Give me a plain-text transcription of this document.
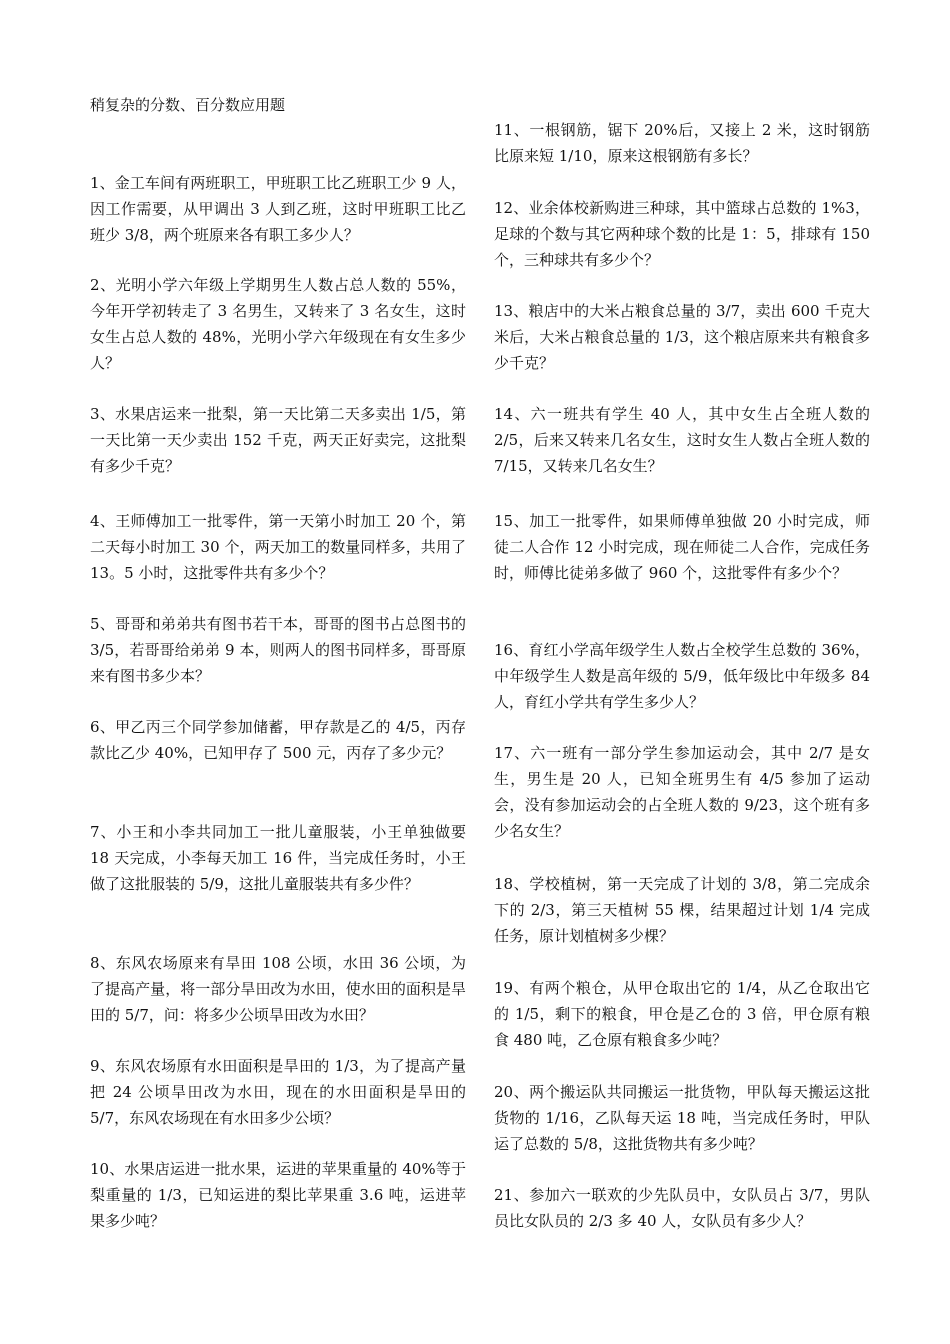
稍复杂的分数、百分数应用题

1、金工车间有两班职工，甲班职工比乙班职工少 9 人，因工作需要，从甲调出 3 人到乙班，这时甲班职工比乙班少 3/8，两个班原来各有职工多少人？

2、光明小学六年级上学期男生人数占总人数的 55%，今年开学初转走了 3 名男生，又转来了 3 名女生，这时女生占总人数的 48%，光明小学六年级现在有女生多少人？

3、水果店运来一批梨，第一天比第二天多卖出 1/5，第一天比第一天少卖出 152 千克，两天正好卖完，这批梨有多少千克？

4、王师傅加工一批零件，第一天第小时加工 20 个，第二天每小时加工 30 个，两天加工的数量同样多，共用了 13。5 小时，这批零件共有多少个？

5、哥哥和弟弟共有图书若干本，哥哥的图书占总图书的 3/5，若哥哥给弟弟 9 本，则两人的图书同样多，哥哥原来有图书多少本？

6、甲乙丙三个同学参加储蓄，甲存款是乙的 4/5，丙存款比乙少 40%，已知甲存了 500 元，丙存了多少元？

7、小王和小李共同加工一批儿童服装，小王单独做要 18 天完成，小李每天加工 16 件，当完成任务时，小王做了这批服装的 5/9，这批儿童服装共有多少件？

8、东风农场原来有旱田 108 公顷，水田 36 公顷，为了提高产量，将一部分旱田改为水田，使水田的面积是旱田的 5/7，问：将多少公顷旱田改为水田？

9、东风农场原有水田面积是旱田的 1/3，为了提高产量把 24 公顷旱田改为水田，现在的水田面积是旱田的 5/7，东风农场现在有水田多少公顷？

10、水果店运进一批水果，运进的苹果重量的 40%等于梨重量的 1/3，已知运进的梨比苹果重 3.6 吨，运进苹果多少吨？

11、一根钢筋，锯下 20%后，又接上 2 米，这时钢筋比原来短 1/10，原来这根钢筋有多长？

12、业余体校新购进三种球，其中篮球占总数的 1%3，足球的个数与其它两种球个数的比是 1：5，排球有 150 个，三种球共有多少个？

13、粮店中的大米占粮食总量的 3/7，卖出 600 千克大米后，大米占粮食总量的 1/3，这个粮店原来共有粮食多少千克？

14、六一班共有学生 40 人，其中女生占全班人数的 2/5，后来又转来几名女生，这时女生人数占全班人数的 7/15，又转来几名女生？

15、加工一批零件，如果师傅单独做 20 小时完成，师徒二人合作 12 小时完成，现在师徒二人合作，完成任务时，师傅比徒弟多做了 960 个，这批零件有多少个？

16、育红小学高年级学生人数占全校学生总数的 36%，中年级学生人数是高年级的 5/9，低年级比中年级多 84 人，育红小学共有学生多少人？

17、六一班有一部分学生参加运动会，其中 2/7 是女生，男生是 20 人，已知全班男生有 4/5 参加了运动会，没有参加运动会的占全班人数的 9/23，这个班有多少名女生？

18、学校植树，第一天完成了计划的 3/8，第二完成余下的 2/3，第三天植树 55 棵，结果超过计划 1/4 完成任务，原计划植树多少棵？

19、有两个粮仓，从甲仓取出它的 1/4，从乙仓取出它的 1/5，剩下的粮食，甲仓是乙仓的 3 倍，甲仓原有粮食 480 吨，乙仓原有粮食多少吨？

20、两个搬运队共同搬运一批货物，甲队每天搬运这批货物的 1/16，乙队每天运 18 吨，当完成任务时，甲队运了总数的 5/8，这批货物共有多少吨？

21、参加六一联欢的少先队员中，女队员占 3/7，男队员比女队员的 2/3 多 40 人，女队员有多少人？
